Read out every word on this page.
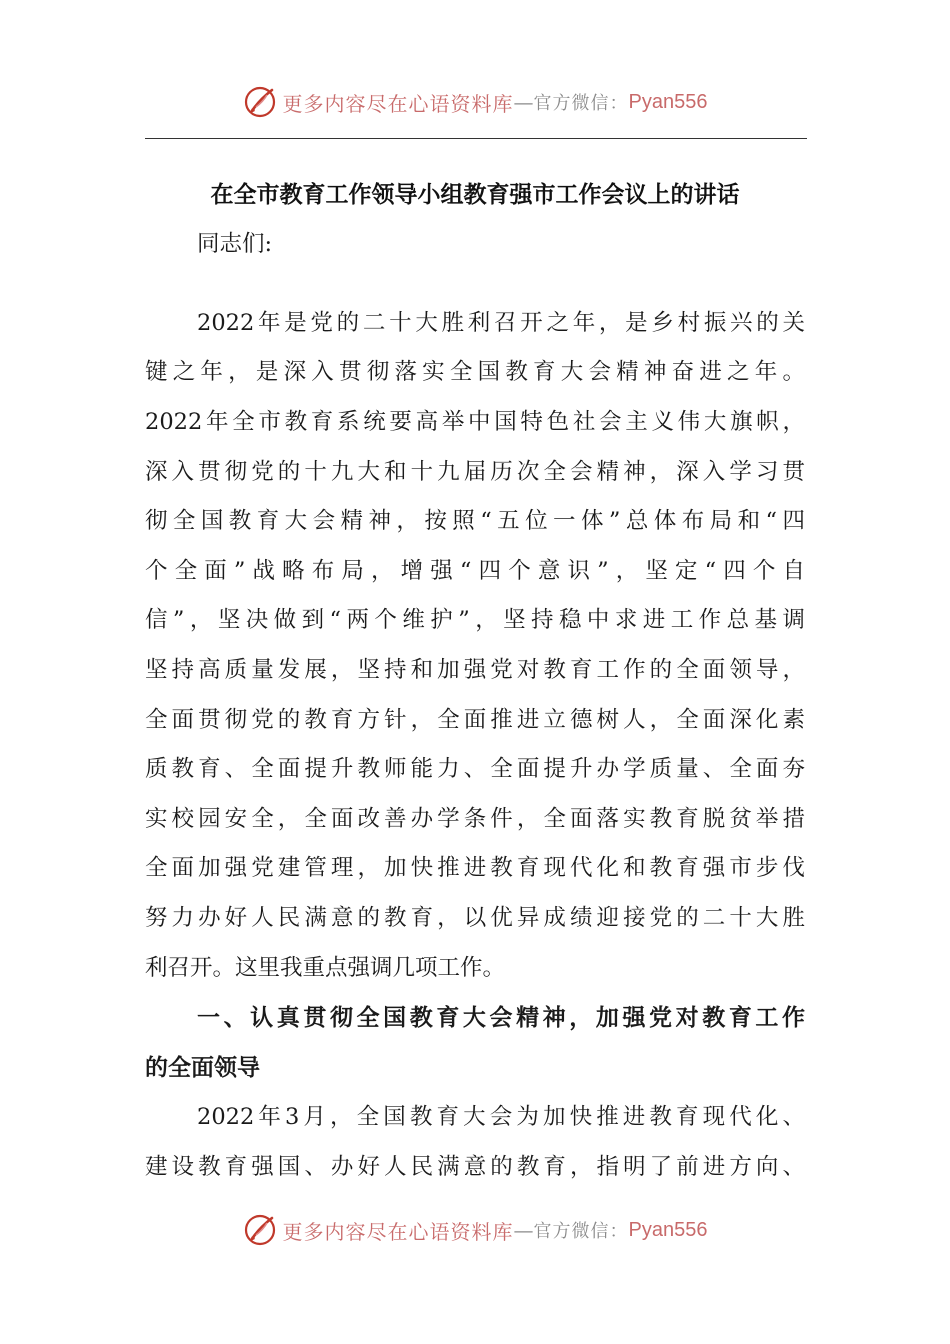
更多内容尽在心语资料库 — 官方微信： Pyan556
在全市教育工作领导小组教育强市工作会议上的讲话
同志们:
2022年是党的二十大胜利召开之年，是乡村振兴的关
键之年，是深入贯彻落实全国教育大会精神奋进之年。
2022年全市教育系统要高举中国特色社会主义伟大旗帜，
深入贯彻党的十九大和十九届历次全会精神，深入学习贯
彻全国教育大会精神，按照“五位一体”总体布局和“四
个全面”战略布局，增强“四个意识”，坚定“四个自
信”，坚决做到“两个维护”，坚持稳中求进工作总基调
坚持高质量发展，坚持和加强党对教育工作的全面领导，
全面贯彻党的教育方针，全面推进立德树人，全面深化素
质教育、全面提升教师能力、全面提升办学质量、全面夯
实校园安全，全面改善办学条件，全面落实教育脱贫举措
全面加强党建管理，加快推进教育现代化和教育强市步伐
努力办好人民满意的教育，以优异成绩迎接党的二十大胜
利召开。这里我重点强调几项工作。
一、认真贯彻全国教育大会精神，加强党对教育工作
的全面领导
2022年3月，全国教育大会为加快推进教育现代化、
建设教育强国、办好人民满意的教育，指明了前进方向、
更多内容尽在心语资料库 — 官方微信： Pyan556
